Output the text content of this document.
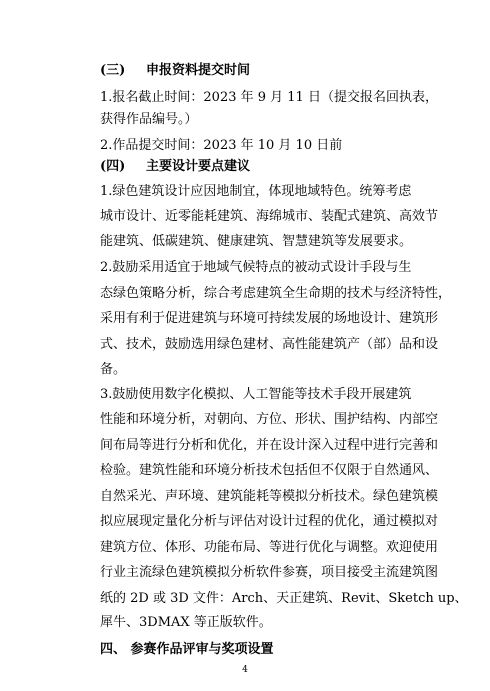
(三) 申报资料提交时间
1.报名截止时间：2023 年 9 月 11 日（提交报名回执表，
获得作品编号。）
2.作品提交时间：2023 年 10 月 10 日前
(四) 主要设计要点建议
1.绿色建筑设计应因地制宜，体现地域特色。统筹考虑
城市设计、近零能耗建筑、海绵城市、装配式建筑、高效节
能建筑、低碳建筑、健康建筑、智慧建筑等发展要求。
2.鼓励采用适宜于地域气候特点的被动式设计手段与生
态绿色策略分析，综合考虑建筑全生命期的技术与经济特性，
采用有利于促进建筑与环境可持续发展的场地设计、建筑形
式、技术，鼓励选用绿色建材、高性能建筑产（部）品和设
备。
3.鼓励使用数字化模拟、人工智能等技术手段开展建筑
性能和环境分析，对朝向、方位、形状、围护结构、内部空
间布局等进行分析和优化，并在设计深入过程中进行完善和
检验。建筑性能和环境分析技术包括但不仅限于自然通风、
自然采光、声环境、建筑能耗等模拟分析技术。绿色建筑模
拟应展现定量化分析与评估对设计过程的优化，通过模拟对
建筑方位、体形、功能布局、等进行优化与调整。欢迎使用
行业主流绿色建筑模拟分析软件参赛，项目接受主流建筑图
纸的 2D 或 3D 文件：Arch、天正建筑、Revit、Sketch up、
犀牛、3DMAX 等正版软件。
四、 参赛作品评审与奖项设置
4
